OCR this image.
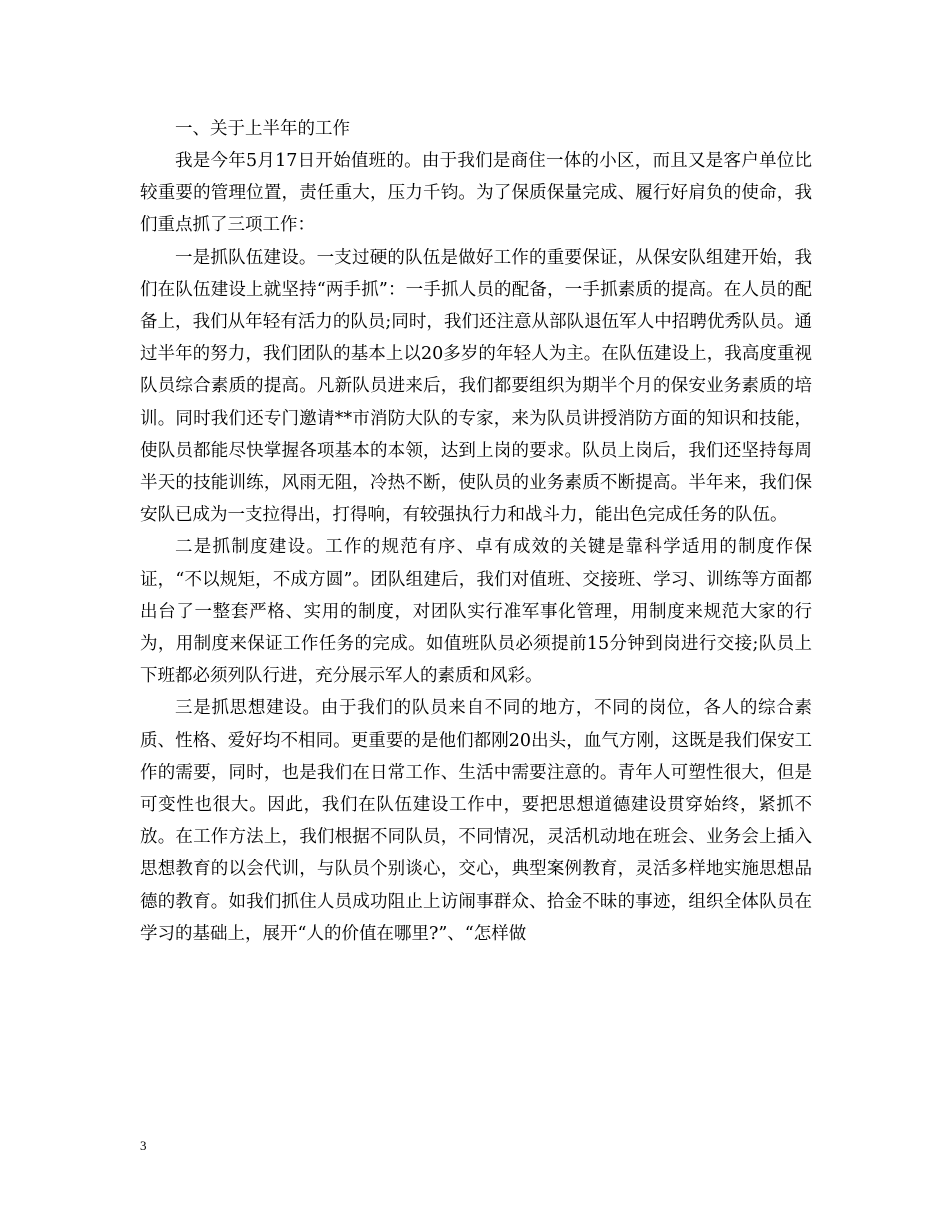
一、关于上半年的工作

我是今年5月17日开始值班的。由于我们是商住一体的小区，而且又是客户单位比较重要的管理位置，责任重大，压力千钧。为了保质保量完成、履行好肩负的使命，我们重点抓了三项工作：

一是抓队伍建设。一支过硬的队伍是做好工作的重要保证，从保安队组建开始，我们在队伍建设上就坚持“两手抓”：一手抓人员的配备，一手抓素质的提高。在人员的配备上，我们从年轻有活力的队员;同时，我们还注意从部队退伍军人中招聘优秀队员。通过半年的努力，我们团队的基本上以20多岁的年轻人为主。在队伍建设上，我高度重视队员综合素质的提高。凡新队员进来后，我们都要组织为期半个月的保安业务素质的培训。同时我们还专门邀请**市消防大队的专家，来为队员讲授消防方面的知识和技能，使队员都能尽快掌握各项基本的本领，达到上岗的要求。队员上岗后，我们还坚持每周半天的技能训练，风雨无阻，冷热不断，使队员的业务素质不断提高。半年来，我们保安队已成为一支拉得出，打得响，有较强执行力和战斗力，能出色完成任务的队伍。

二是抓制度建设。工作的规范有序、卓有成效的关键是靠科学适用的制度作保证，“不以规矩，不成方圆”。团队组建后，我们对值班、交接班、学习、训练等方面都出台了一整套严格、实用的制度，对团队实行准军事化管理，用制度来规范大家的行为，用制度来保证工作任务的完成。如值班队员必须提前15分钟到岗进行交接;队员上下班都必须列队行进，充分展示军人的素质和风彩。

三是抓思想建设。由于我们的队员来自不同的地方，不同的岗位，各人的综合素质、性格、爱好均不相同。更重要的是他们都刚20出头，血气方刚，这既是我们保安工作的需要，同时，也是我们在日常工作、生活中需要注意的。青年人可塑性很大，但是可变性也很大。因此，我们在队伍建设工作中，要把思想道德建设贯穿始终，紧抓不放。在工作方法上，我们根据不同队员，不同情况，灵活机动地在班会、业务会上插入思想教育的以会代训，与队员个别谈心，交心，典型案例教育，灵活多样地实施思想品德的教育。如我们抓住人员成功阻止上访闹事群众、拾金不昧的事迹，组织全体队员在学习的基础上，展开“人的价值在哪里?”、“怎样做

3
